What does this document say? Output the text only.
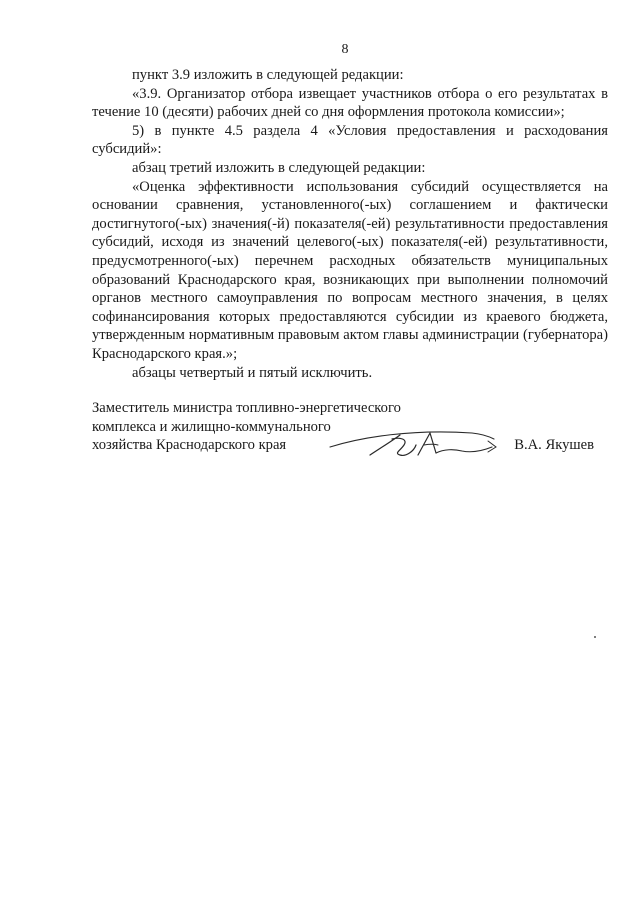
8

пункт 3.9 изложить в следующей редакции:

«3.9. Организатор отбора извещает участников отбора о его результатах в течение 10 (десяти) рабочих дней со дня оформления протокола комиссии»;

5) в пункте 4.5 раздела 4 «Условия предоставления и расходования субсидий»:

абзац третий изложить в следующей редакции:

«Оценка эффективности использования субсидий осуществляется на основании сравнения, установленного(-ых) соглашением и фактически достигнутого(-ых) значения(-й) показателя(-ей) результативности предоставления субсидий, исходя из значений целевого(-ых) показателя(-ей) результативности, предусмотренного(-ых) перечнем расходных обязательств муниципальных образований Краснодарского края, возникающих при выполнении полномочий органов местного самоуправления по вопросам местного значения, в целях софинансирования которых предоставляются субсидии из краевого бюджета, утвержденным нормативным правовым актом главы администрации (губернатора) Краснодарского края.»;

абзацы четвертый и пятый исключить.

Заместитель министра топливно-энергетического
комплекса и жилищно-коммунального
хозяйства Краснодарского края	В.А. Якушев
